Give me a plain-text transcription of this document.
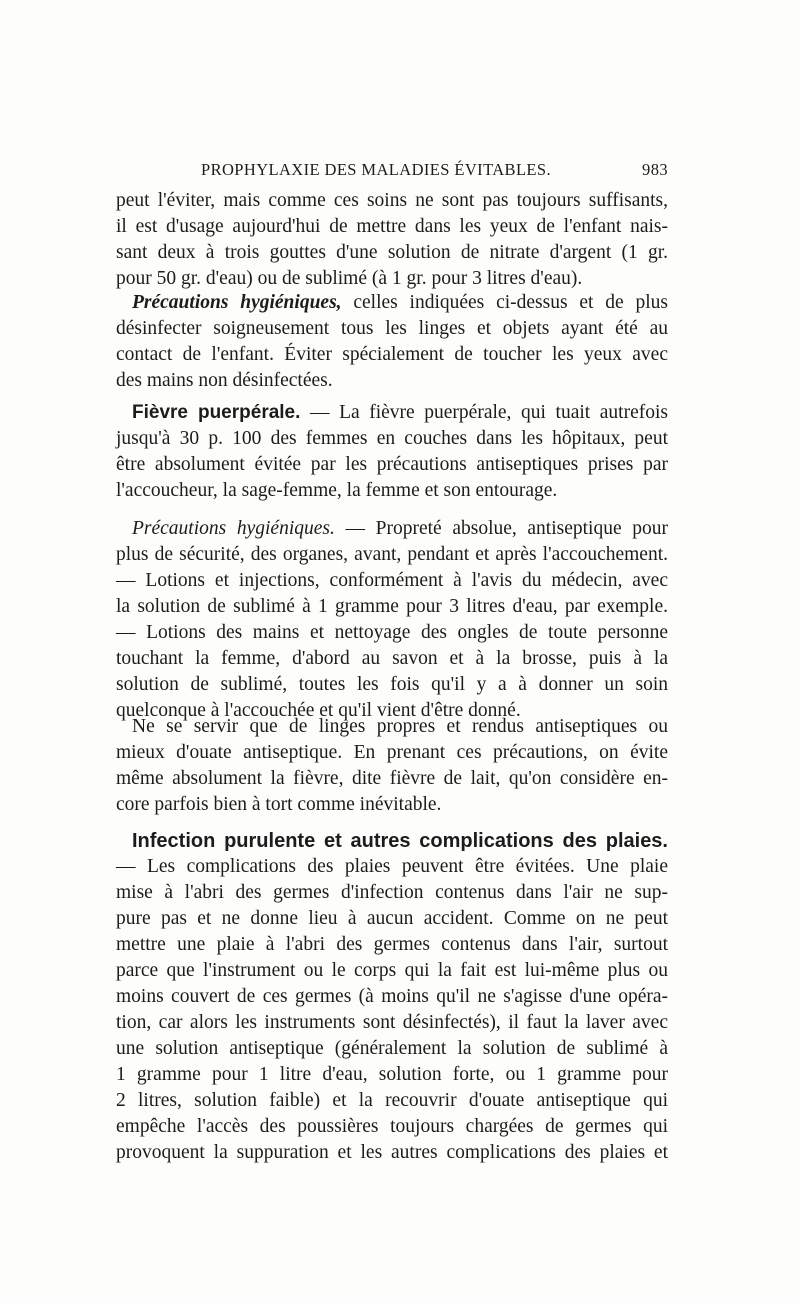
PROPHYLAXIE DES MALADIES ÉVITABLES.	983
peut l'éviter, mais comme ces soins ne sont pas toujours suffisants,
il est d'usage aujourd'hui de mettre dans les yeux de l'enfant nais-
sant deux à trois gouttes d'une solution de nitrate d'argent (1 gr.
pour 50 gr. d'eau) ou de sublimé (à 1 gr. pour 3 litres d'eau).
Précautions hygiéniques, celles indiquées ci-dessus et de plus
désinfecter soigneusement tous les linges et objets ayant été au
contact de l'enfant. Éviter spécialement de toucher les yeux avec
des mains non désinfectées.
Fièvre puerpérale. — La fièvre puerpérale, qui tuait autrefois
jusqu'à 30 p. 100 des femmes en couches dans les hôpitaux, peut
être absolument évitée par les précautions antiseptiques prises par
l'accoucheur, la sage-femme, la femme et son entourage.
Précautions hygiéniques. — Propreté absolue, antiseptique pour
plus de sécurité, des organes, avant, pendant et après l'accouchement.
— Lotions et injections, conformément à l'avis du médecin, avec
la solution de sublimé à 1 gramme pour 3 litres d'eau, par exemple.
— Lotions des mains et nettoyage des ongles de toute personne
touchant la femme, d'abord au savon et à la brosse, puis à la
solution de sublimé, toutes les fois qu'il y a à donner un soin
quelconque à l'accouchée et qu'il vient d'être donné.
Ne se servir que de linges propres et rendus antiseptiques ou
mieux d'ouate antiseptique. En prenant ces précautions, on évite
même absolument la fièvre, dite fièvre de lait, qu'on considère en-
core parfois bien à tort comme inévitable.
Infection purulente et autres complications des plaies.
— Les complications des plaies peuvent être évitées. Une plaie
mise à l'abri des germes d'infection contenus dans l'air ne sup-
pure pas et ne donne lieu à aucun accident. Comme on ne peut
mettre une plaie à l'abri des germes contenus dans l'air, surtout
parce que l'instrument ou le corps qui la fait est lui-même plus ou
moins couvert de ces germes (à moins qu'il ne s'agisse d'une opéra-
tion, car alors les instruments sont désinfectés), il faut la laver avec
une solution antiseptique (généralement la solution de sublimé à
1 gramme pour 1 litre d'eau, solution forte, ou 1 gramme pour
2 litres, solution faible) et la recouvrir d'ouate antiseptique qui
empêche l'accès des poussières toujours chargées de germes qui
provoquent la suppuration et les autres complications des plaies et
